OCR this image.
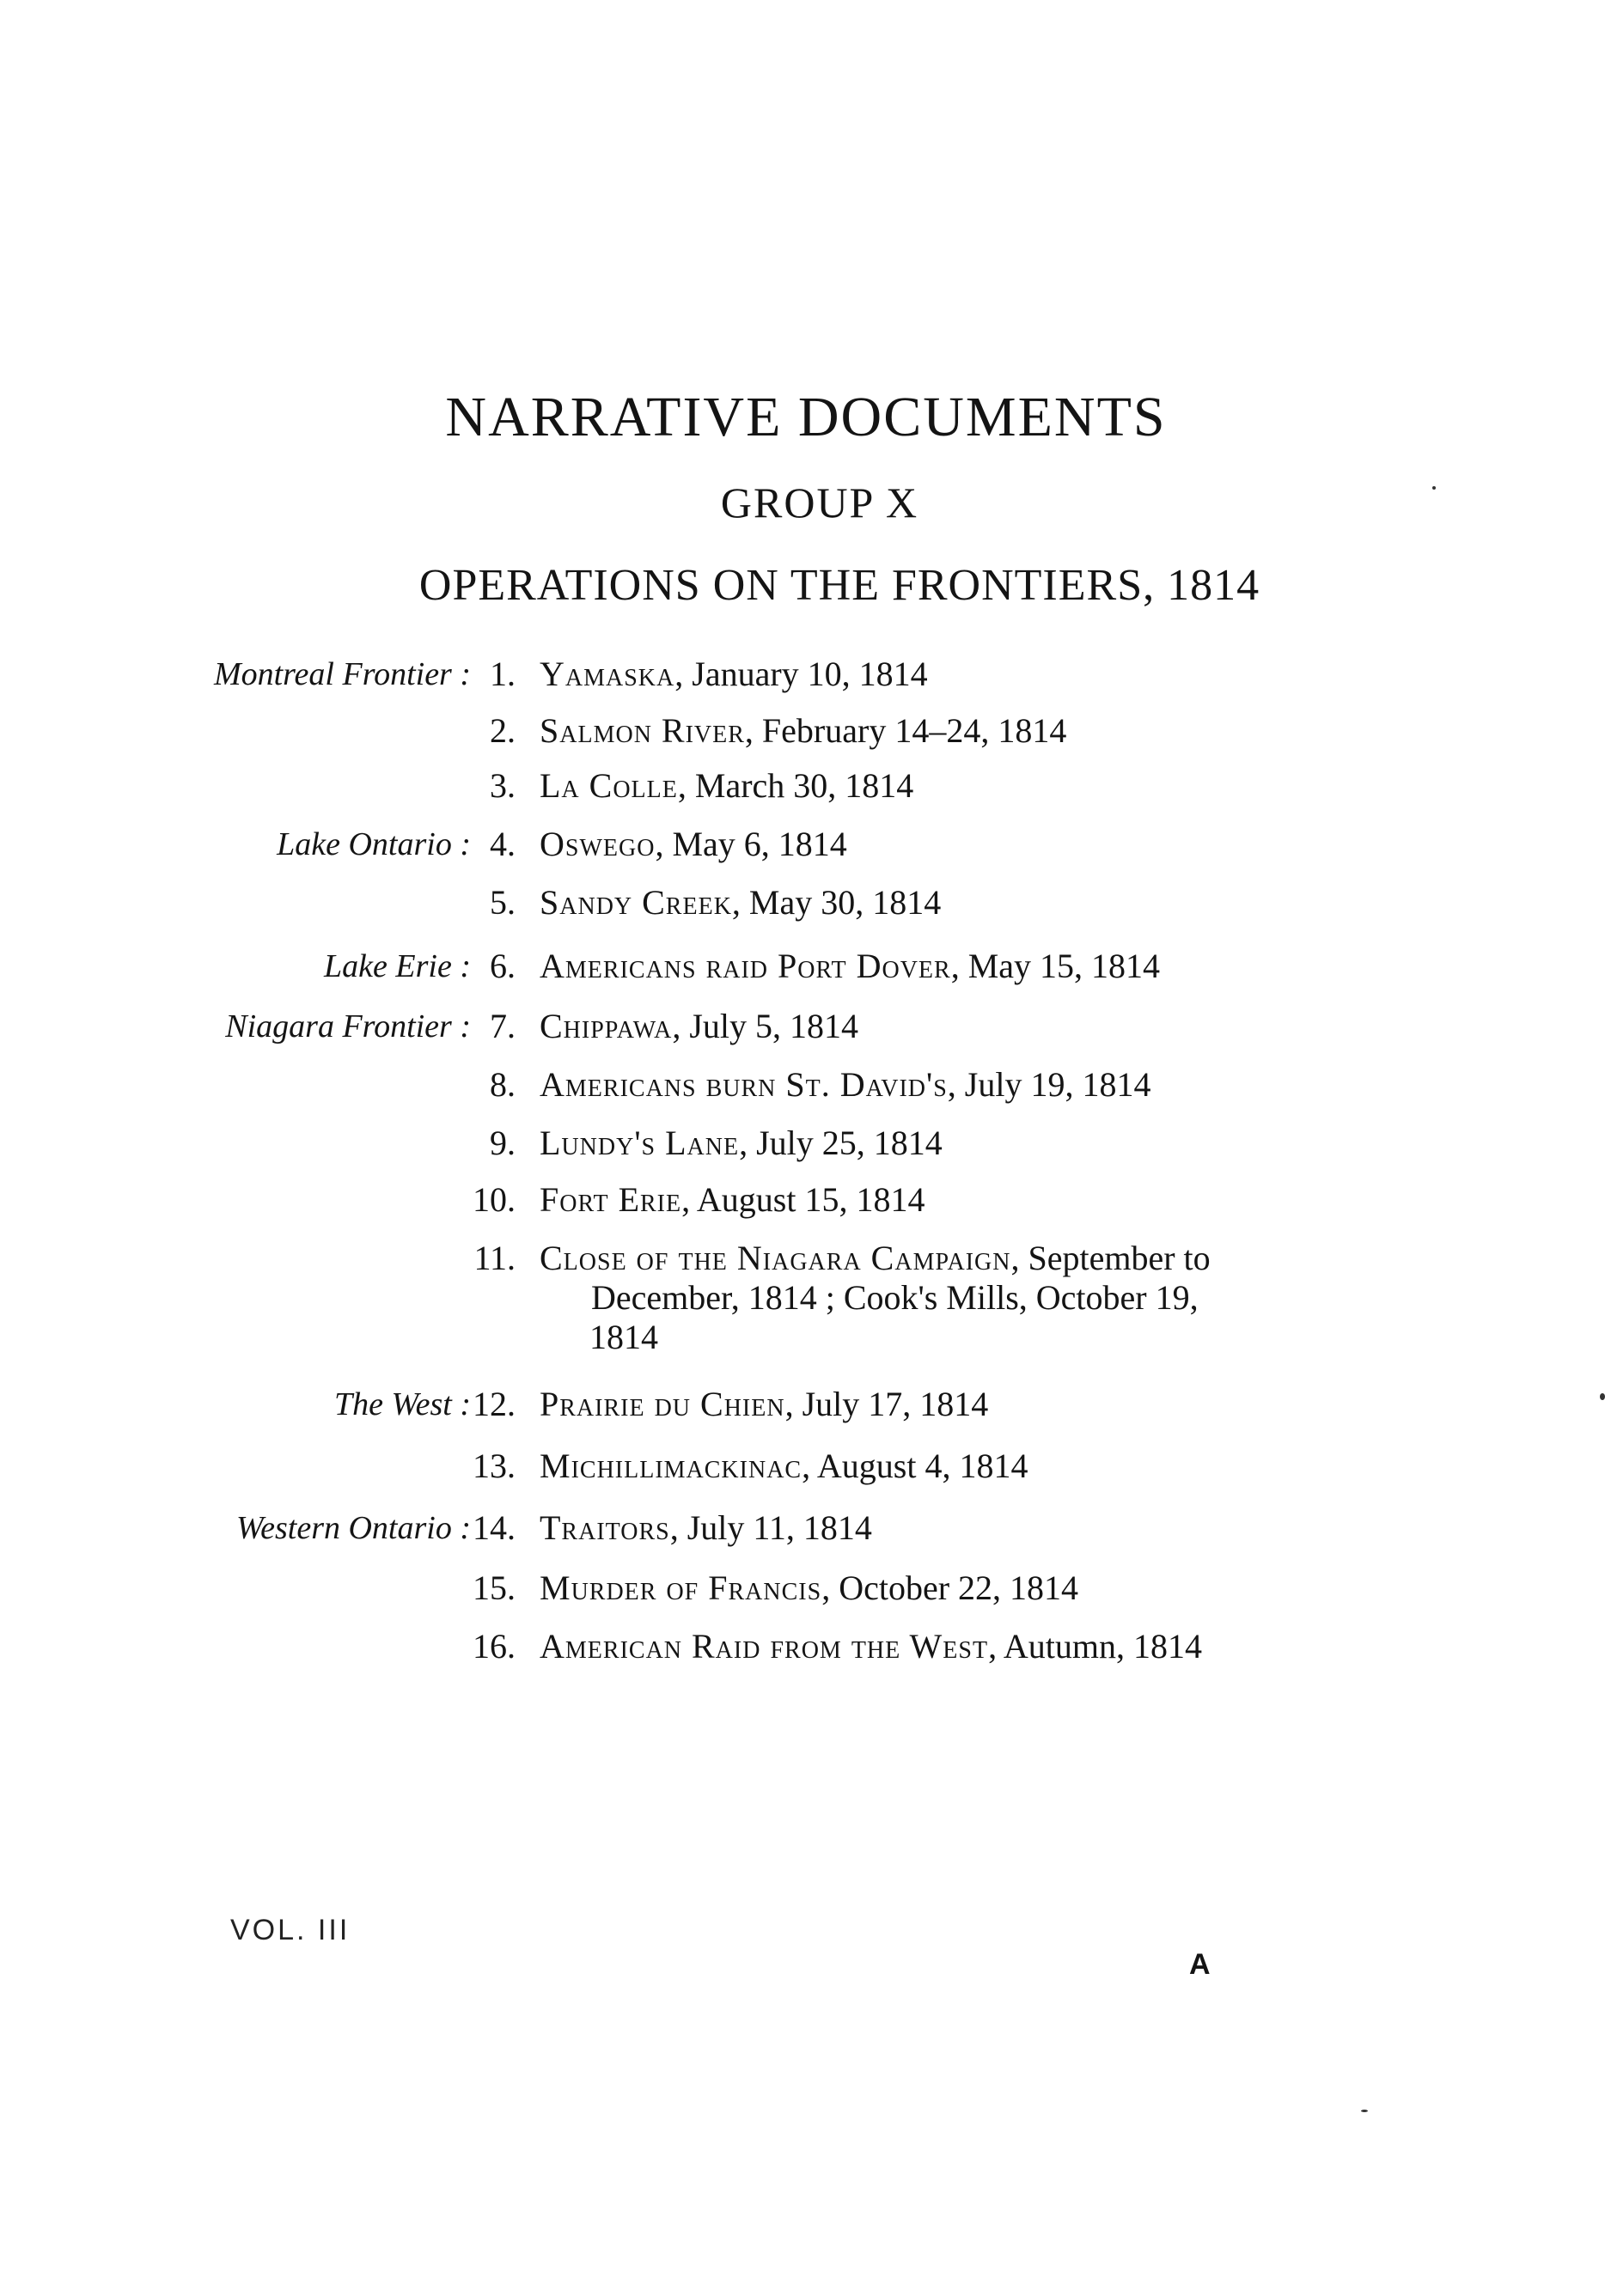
NARRATIVE DOCUMENTS
GROUP X
OPERATIONS ON THE FRONTIERS, 1814
Montreal Frontier : 1. Yamaska, January 10, 1814
2. Salmon River, February 14–24, 1814
3. La Colle, March 30, 1814
Lake Ontario : 4. Oswego, May 6, 1814
5. Sandy Creek, May 30, 1814
Lake Erie : 6. Americans raid Port Dover, May 15, 1814
Niagara Frontier : 7. Chippawa, July 5, 1814
8. Americans burn St. David's, July 19, 1814
9. Lundy's Lane, July 25, 1814
10. Fort Erie, August 15, 1814
11. Close of the Niagara Campaign, September to
December, 1814 ; Cook's Mills, October 19,
1814
The West : 12. Prairie du Chien, July 17, 1814
13. Michillimackinac, August 4, 1814
Western Ontario : 14. Traitors, July 11, 1814
15. Murder of Francis, October 22, 1814
16. American Raid from the West, Autumn, 1814
VOL. III
A
